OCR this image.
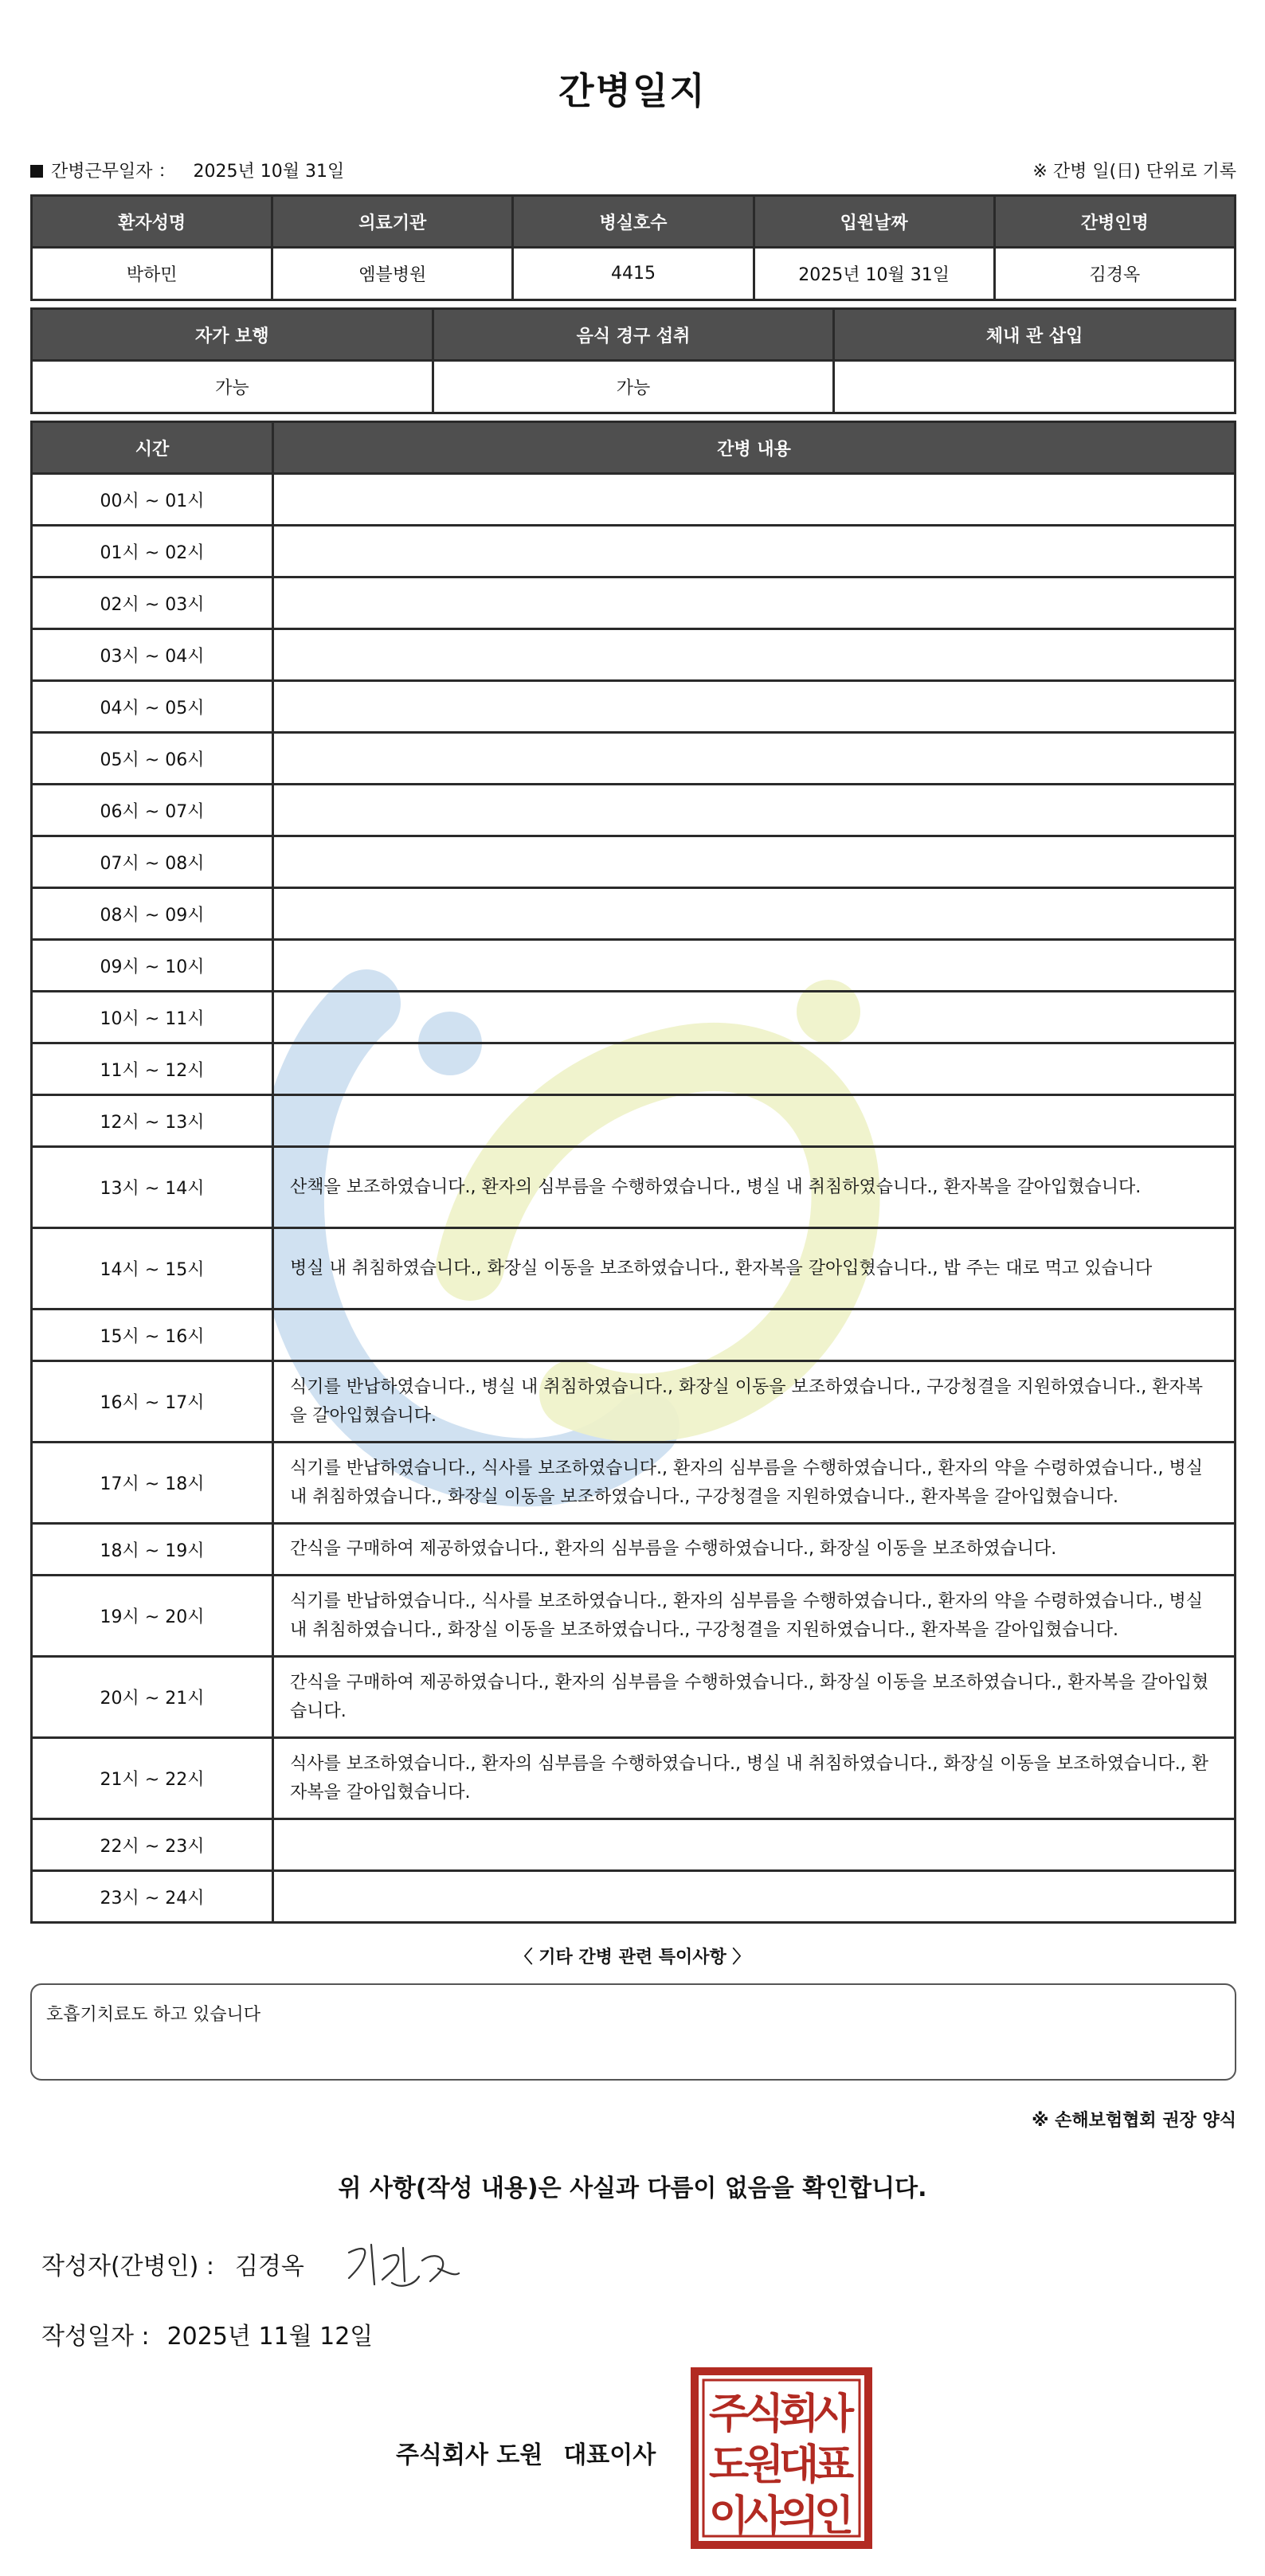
간병일지
간병근무일자 ： 2025년 10월 31일	※ 간병 일(日) 단위로 기록
환자성명	의료기관	병실호수	입원날짜	간병인명
박하민	엠블병원	4415	2025년 10월 31일	김경옥
자가 보행	음식 경구 섭취	체내 관 삽입
가능	가능	
시간	간병 내용
00시 ~ 01시	
01시 ~ 02시	
02시 ~ 03시	
03시 ~ 04시	
04시 ~ 05시	
05시 ~ 06시	
06시 ~ 07시	
07시 ~ 08시	
08시 ~ 09시	
09시 ~ 10시	
10시 ~ 11시	
11시 ~ 12시	
12시 ~ 13시	
13시 ~ 14시	산책을 보조하였습니다., 환자의 심부름을 수행하였습니다., 병실 내 취침하였습니다., 환자복을 갈아입혔습니다.
14시 ~ 15시	병실 내 취침하였습니다., 화장실 이동을 보조하였습니다., 환자복을 갈아입혔습니다., 밥 주는 대로 먹고 있습니다
15시 ~ 16시	
16시 ~ 17시	식기를 반납하였습니다., 병실 내 취침하였습니다., 화장실 이동을 보조하였습니다., 구강청결을 지원하였습니다., 환자복을 갈아입혔습니다.
17시 ~ 18시	식기를 반납하였습니다., 식사를 보조하였습니다., 환자의 심부름을 수행하였습니다., 환자의 약을 수령하였습니다., 병실 내 취침하였습니다., 화장실 이동을 보조하였습니다., 구강청결을 지원하였습니다., 환자복을 갈아입혔습니다.
18시 ~ 19시	간식을 구매하여 제공하였습니다., 환자의 심부름을 수행하였습니다., 화장실 이동을 보조하였습니다.
19시 ~ 20시	식기를 반납하였습니다., 식사를 보조하였습니다., 환자의 심부름을 수행하였습니다., 환자의 약을 수령하였습니다., 병실 내 취침하였습니다., 화장실 이동을 보조하였습니다., 구강청결을 지원하였습니다., 환자복을 갈아입혔습니다.
20시 ~ 21시	간식을 구매하여 제공하였습니다., 환자의 심부름을 수행하였습니다., 화장실 이동을 보조하였습니다., 환자복을 갈아입혔습니다.
21시 ~ 22시	식사를 보조하였습니다., 환자의 심부름을 수행하였습니다., 병실 내 취침하였습니다., 화장실 이동을 보조하였습니다., 환자복을 갈아입혔습니다.
22시 ~ 23시	
23시 ~ 24시	
〈 기타 간병 관련 특이사항 〉
호흡기치료도 하고 있습니다
※ 손해보험협회 권장 양식
위 사항(작성 내용)은 사실과 다름이 없음을 확인합니다.
작성자(간병인) : 김경옥
작성일자 : 2025년 11월 12일
주식회사 도원 대표이사
주
식
회
사
도
원
대
표
이
사
의
인
